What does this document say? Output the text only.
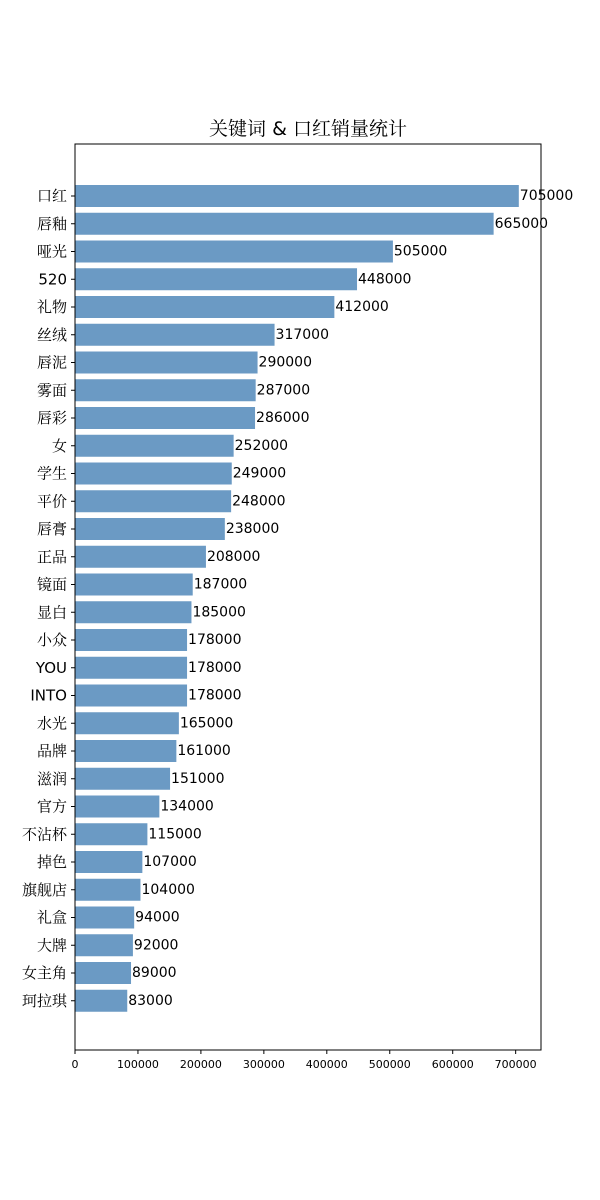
关键词 & 口红销量统计
口红
唇釉
哑光
520
礼物
丝绒
唇泥
雾面
唇彩
女
学生
平价
唇膏
正品
镜面
显白
小众
YOU
INTO
水光
品牌
滋润
官方
不沾杯
掉色
旗舰店
礼盒
大牌
女主角
珂拉琪
705000
665000
505000
448000
412000
317000
290000
287000
286000
252000
249000
248000
238000
208000
187000
185000
178000
178000
178000
165000
161000
151000
134000
115000
107000
104000
94000
92000
89000
83000
0	100000 200000 300000 400000 500000 600000 700000
